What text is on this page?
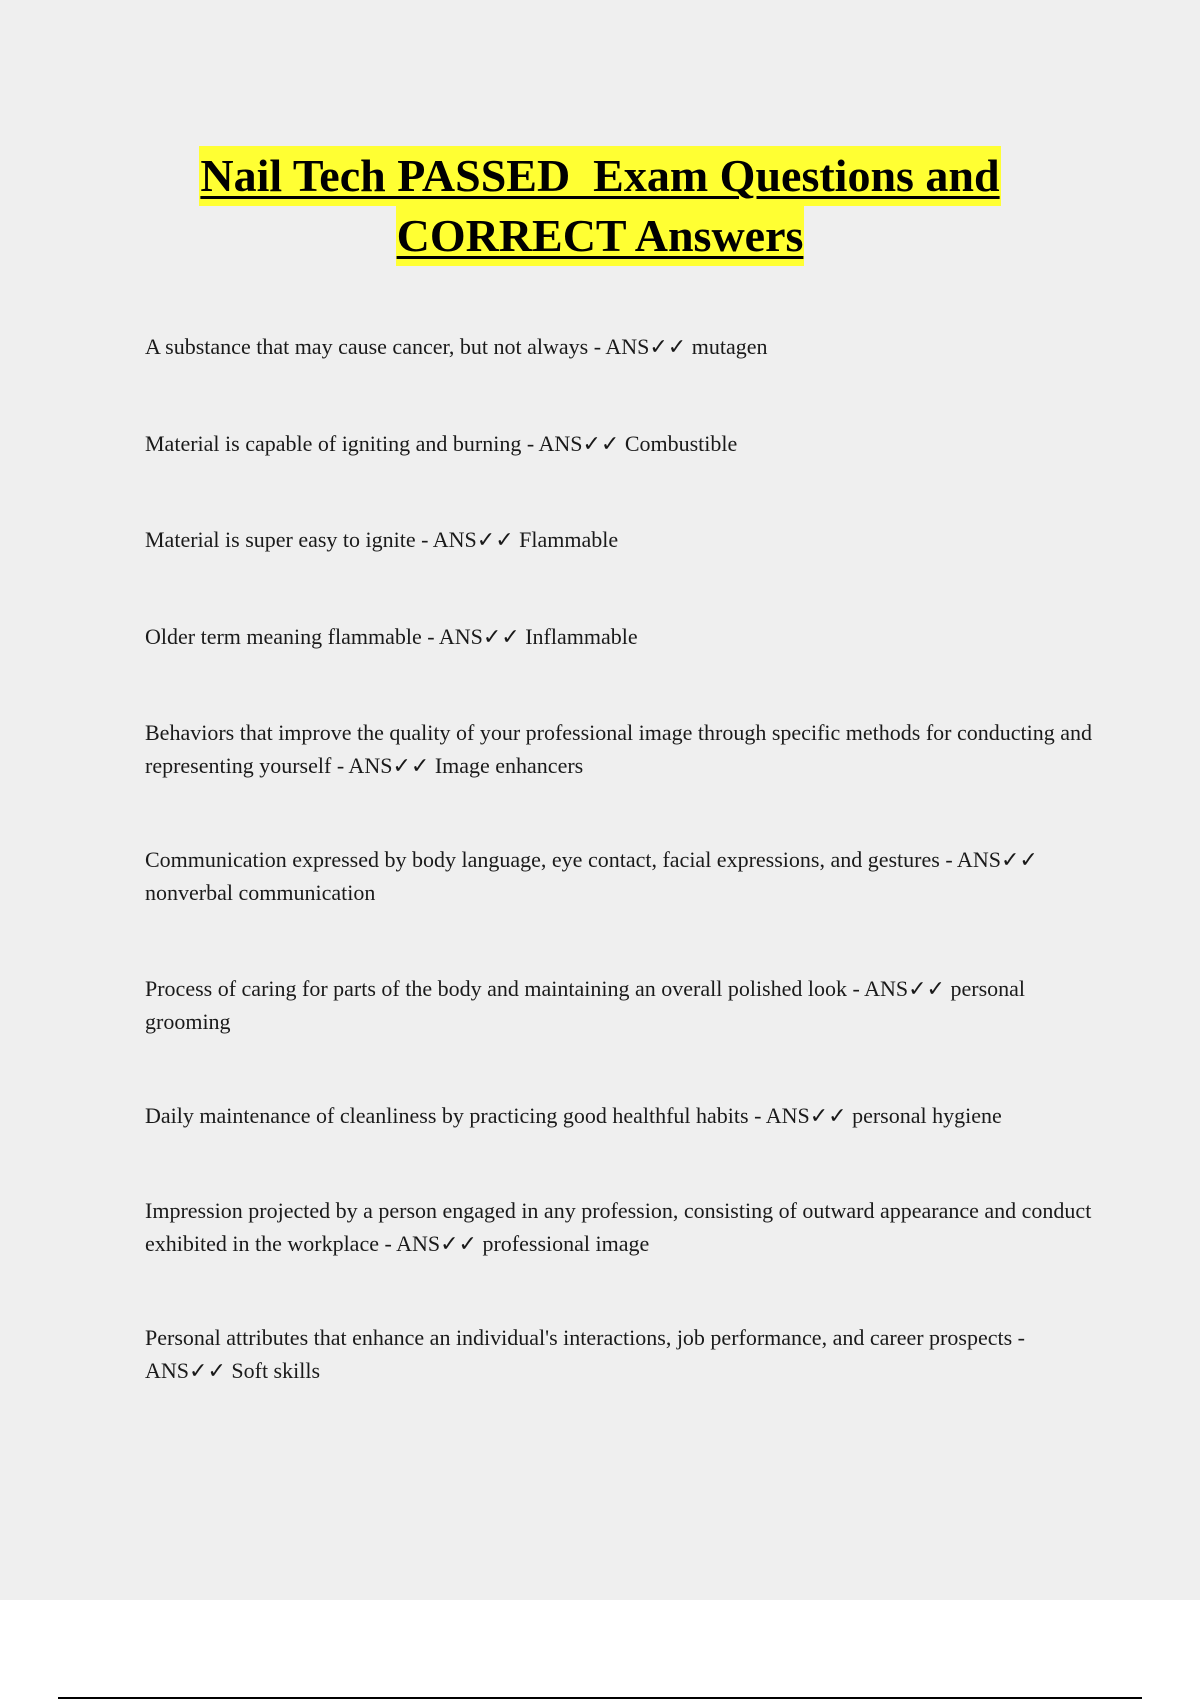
Nail Tech PASSED  Exam Questions and
CORRECT Answers
A substance that may cause cancer, but not always - ANS✓✓ mutagen
Material is capable of igniting and burning - ANS✓✓ Combustible
Material is super easy to ignite - ANS✓✓ Flammable
Older term meaning flammable - ANS✓✓ Inflammable
Behaviors that improve the quality of your professional image through specific methods for conducting and representing yourself - ANS✓✓ Image enhancers
Communication expressed by body language, eye contact, facial expressions, and gestures - ANS✓✓ nonverbal communication
Process of caring for parts of the body and maintaining an overall polished look - ANS✓✓ personal grooming
Daily maintenance of cleanliness by practicing good healthful habits - ANS✓✓ personal hygiene
Impression projected by a person engaged in any profession, consisting of outward appearance and conduct exhibited in the workplace - ANS✓✓ professional image
Personal attributes that enhance an individual's interactions, job performance, and career prospects - ANS✓✓ Soft skills
